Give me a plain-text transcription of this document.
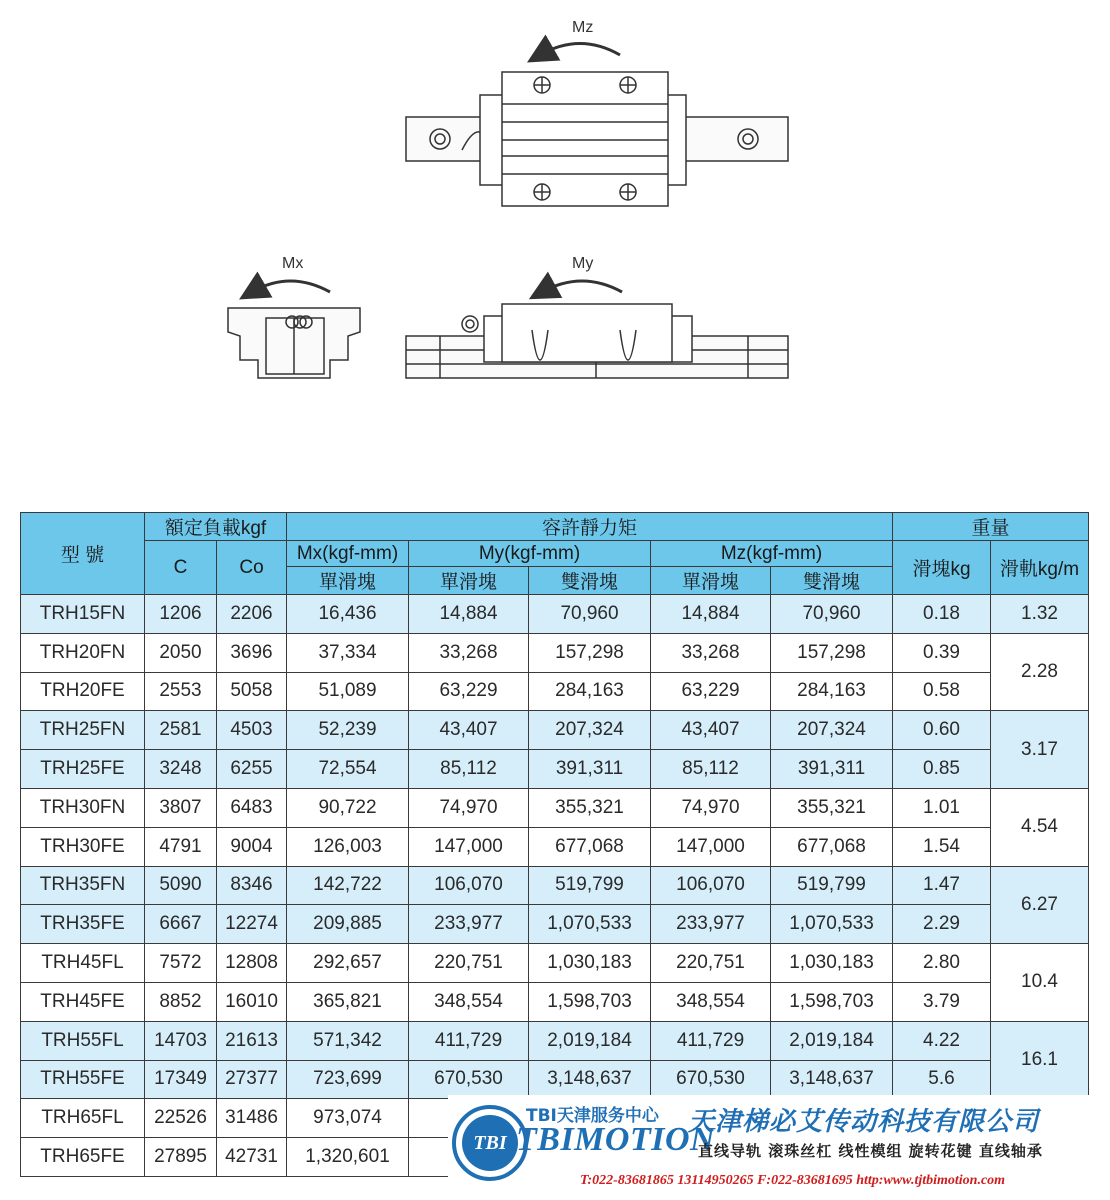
Mz
Mx	My
型 號	額定負載kgf		容許靜力矩					重量	
	C	Co	Mx(kgf-mm)	My(kgf-mm)		Mz(kgf-mm)		滑塊kg	滑軌kg/m
			單滑塊	單滑塊	雙滑塊	單滑塊	雙滑塊		
TRH15FN	1206	2206	16,436	14,884	70,960	14,884	70,960	0.18	1.32
TRH20FN	2050	3696	37,334	33,268	157,298	33,268	157,298	0.39	2.28
TRH20FE	2553	5058	51,089	63,229	284,163	63,229	284,163	0.58	
TRH25FN	2581	4503	52,239	43,407	207,324	43,407	207,324	0.60	3.17
TRH25FE	3248	6255	72,554	85,112	391,311	85,112	391,311	0.85	
TRH30FN	3807	6483	90,722	74,970	355,321	74,970	355,321	1.01	4.54
TRH30FE	4791	9004	126,003	147,000	677,068	147,000	677,068	1.54	
TRH35FN	5090	8346	142,722	106,070	519,799	106,070	519,799	1.47	6.27
TRH35FE	6667	12274	209,885	233,977	1,070,533	233,977	1,070,533	2.29	
TRH45FL	7572	12808	292,657	220,751	1,030,183	220,751	1,030,183	2.80	10.4
TRH45FE	8852	16010	365,821	348,554	1,598,703	348,554	1,598,703	3.79	
TRH55FL	14703	21613	571,342	411,729	2,019,184	411,729	2,019,184	4.22	16.1
TRH55FE	17349	27377	723,699	670,530	3,148,637	670,530	3,148,637	5.6	
TRH65FL	22526	31486	973,074						
TRH65FE	27895	42731	1,320,601						
TBI
TBI天津服务中心
TBIMOTION
天津梯必艾传动科技有限公司
直线导轨 滚珠丝杠 线性模组 旋转花键 直线轴承
T:022-83681865 13114950265 F:022-83681695 http:www.tjtbimotion.com
